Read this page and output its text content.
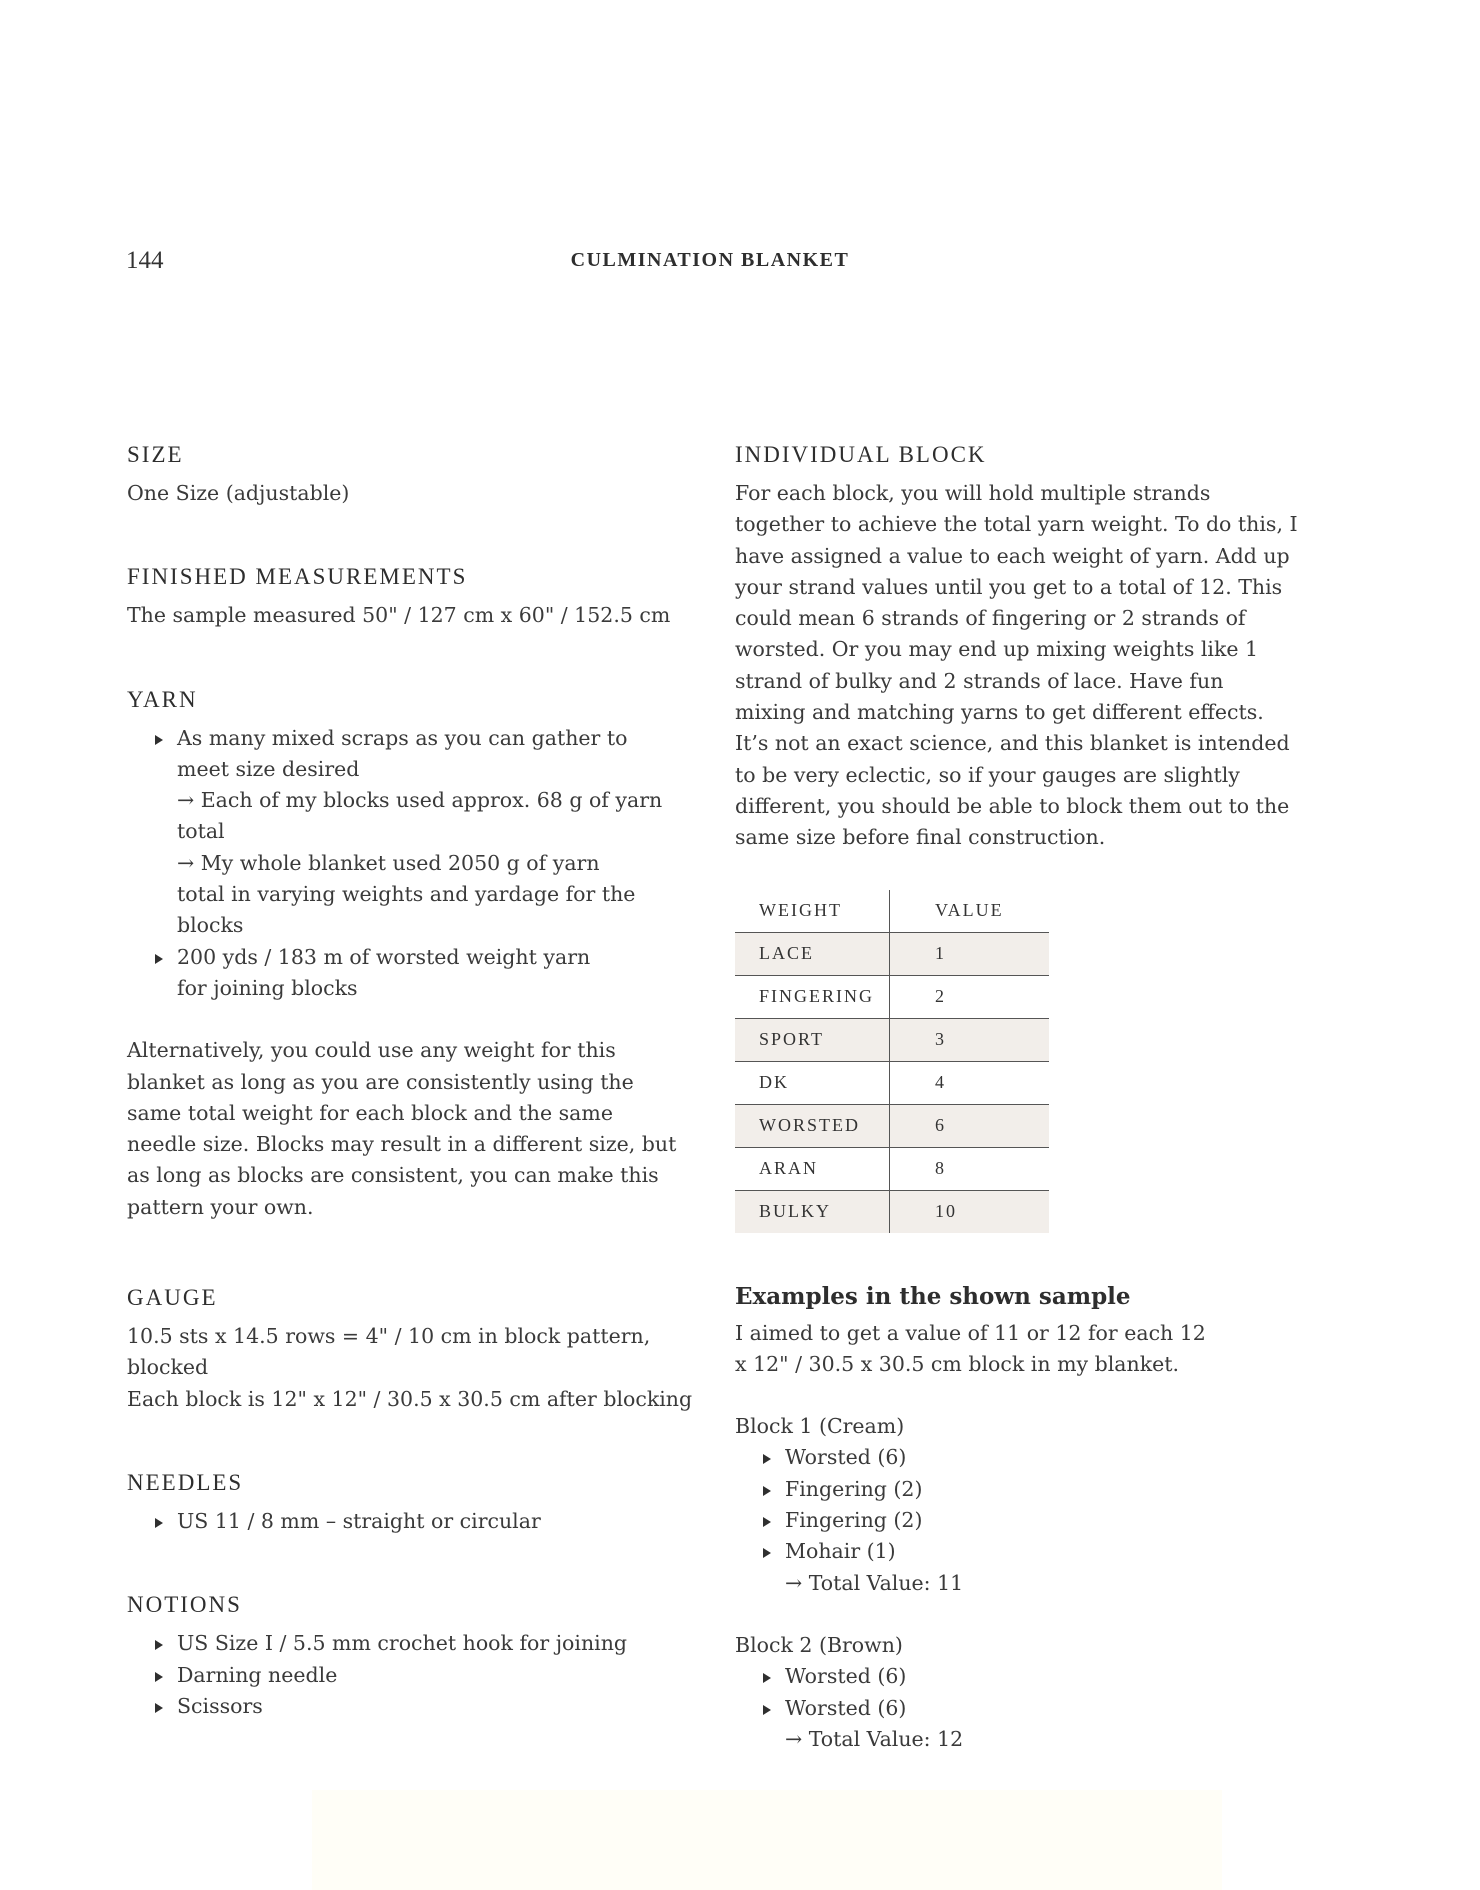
144	CULMINATION BLANKET
SIZE

One Size (adjustable)

FINISHED MEASUREMENTS

The sample measured 50" / 127 cm x 60" / 152.5 cm

YARN
As many mixed scraps as you can gather to meet size desired
→ Each of my blocks used approx. 68 g of yarn total
→ My whole blanket used 2050 g of yarn total in varying weights and yardage for the blocks
200 yds / 183 m of worsted weight yarn for joining blocks

Alternatively, you could use any weight for this blanket as long as you are consistently using the same total weight for each block and the same needle size. Blocks may result in a different size, but as long as blocks are consistent, you can make this pattern your own.

GAUGE

10.5 sts x 14.5 rows = 4" / 10 cm in block pattern, blocked

Each block is 12" x 12" / 30.5 x 30.5 cm after blocking

NEEDLES
US 11 / 8 mm – straight or circular
NOTIONS
US Size I / 5.5 mm crochet hook for joining
Darning needle
Scissors
INDIVIDUAL BLOCK

For each block, you will hold multiple strands together to achieve the total yarn weight. To do this, I have assigned a value to each weight of yarn. Add up your strand values until you get to a total of 12. This could mean 6 strands of fingering or 2 strands of worsted. Or you may end up mixing weights like 1 strand of bulky and 2 strands of lace. Have fun mixing and matching yarns to get different effects. It’s not an exact science, and this blanket is intended to be very eclectic, so if your gauges are slightly different, you should be able to block them out to the same size before final construction.

WEIGHT	VALUE
LACE	1
FINGERING	2
SPORT	3
DK	4
WORSTED	6
ARAN	8
BULKY	10
Examples in the shown sample

I aimed to get a value of 11 or 12 for each 12 x 12" / 30.5 x 30.5 cm block in my blanket.

Block 1 (Cream)

Worsted (6)
Fingering (2)
Fingering (2)
Mohair (1)

→ Total Value: 11

Block 2 (Brown)

Worsted (6)
Worsted (6)

→ Total Value: 12
